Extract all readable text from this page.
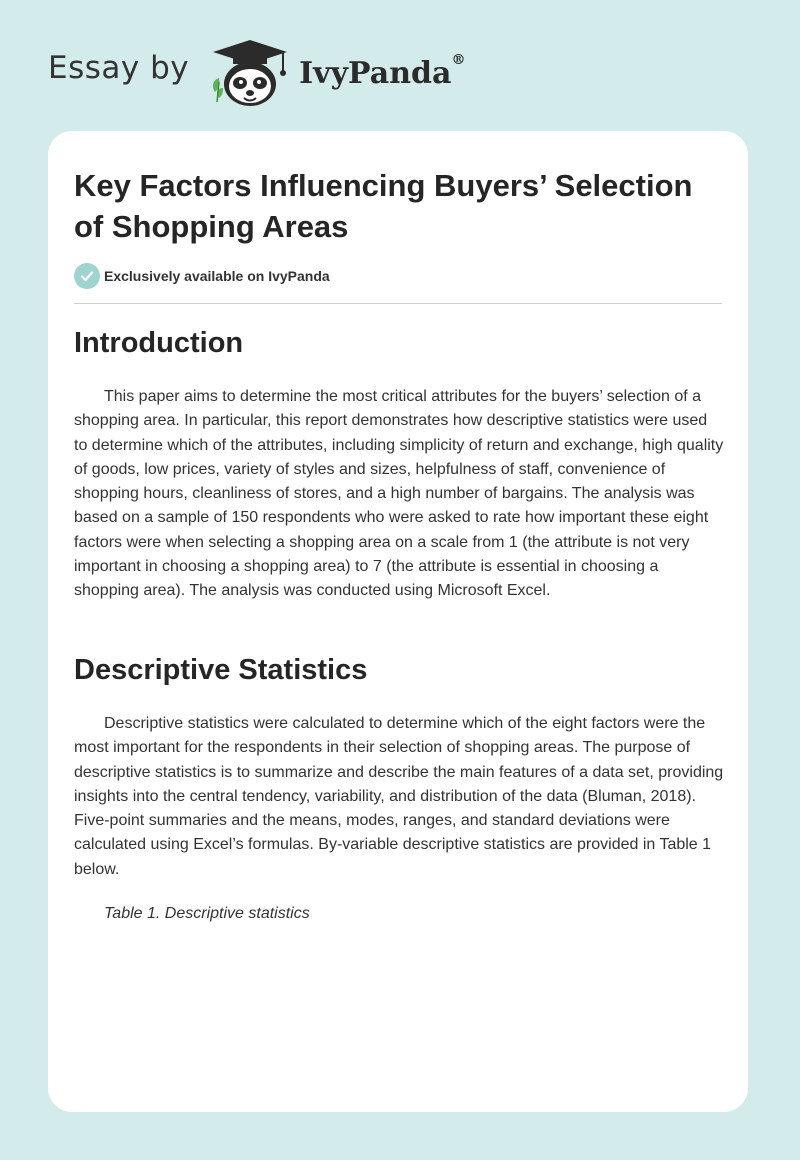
Essay by	IvyPanda®
Key Factors Influencing Buyers’ Selection of Shopping Areas
Exclusively available on IvyPanda
Introduction

This paper aims to determine the most critical attributes for the buyers’ selection of a shopping area. In particular, this report demonstrates how descriptive statistics were used to determine which of the attributes, including simplicity of return and exchange, high quality of goods, low prices, variety of styles and sizes, helpfulness of staff, convenience of shopping hours, cleanliness of stores, and a high number of bargains. The analysis was based on a sample of 150 respondents who were asked to rate how important these eight factors were when selecting a shopping area on a scale from 1 (the attribute is not very important in choosing a shopping area) to 7 (the attribute is essential in choosing a shopping area). The analysis was conducted using Microsoft Excel.

Descriptive Statistics

Descriptive statistics were calculated to determine which of the eight factors were the most important for the respondents in their selection of shopping areas. The purpose of descriptive statistics is to summarize and describe the main features of a data set, providing insights into the central tendency, variability, and distribution of the data (Bluman, 2018). Five-point summaries and the means, modes, ranges, and standard deviations were calculated using Excel’s formulas. By-variable descriptive statistics are provided in Table 1 below.

Table 1. Descriptive statistics
